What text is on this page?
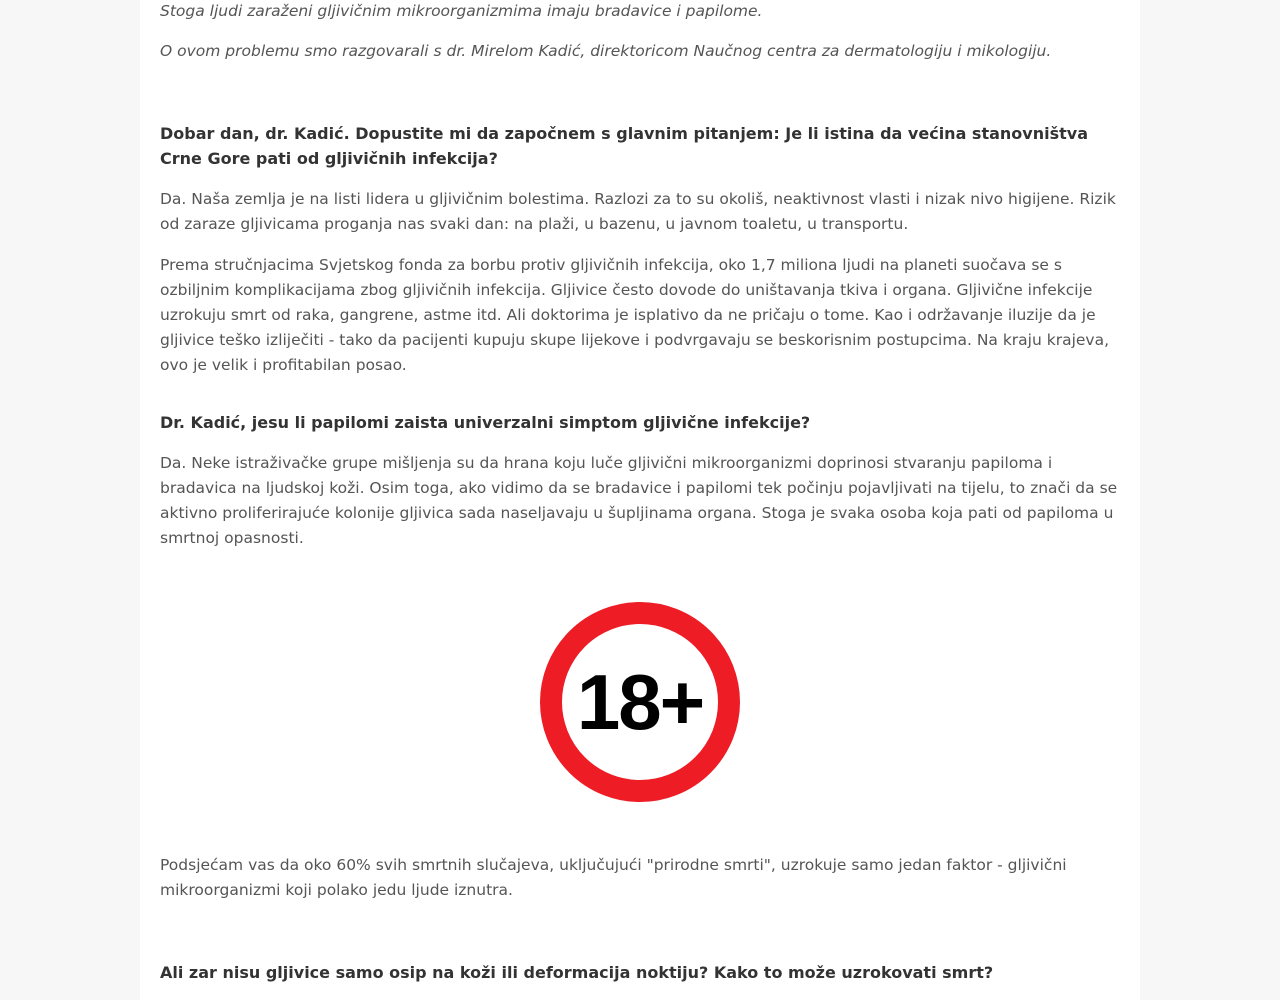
Stoga ljudi zaraženi gljivičnim mikroorganizmima imaju bradavice i papilome.

O ovom problemu smo razgovarali s dr. Mirelom Kadić, direktoricom Naučnog centra za dermatologiju i mikologiju.

Dobar dan, dr. Kadić. Dopustite mi da započnem s glavnim pitanjem: Je li istina da većina stanovništva Crne Gore pati od gljivičnih infekcija?

Da. Naša zemlja je na listi lidera u gljivičnim bolestima. Razlozi za to su okoliš, neaktivnost vlasti i nizak nivo higijene. Rizik od zaraze gljivicama proganja nas svaki dan: na plaži, u bazenu, u javnom toaletu, u transportu.

Prema stručnjacima Svjetskog fonda za borbu protiv gljivičnih infekcija, oko 1,7 miliona ljudi na planeti suočava se s ozbiljnim komplikacijama zbog gljivičnih infekcija. Gljivice često dovode do uništavanja tkiva i organa. Gljivične infekcije uzrokuju smrt od raka, gangrene, astme itd. Ali doktorima je isplativo da ne pričaju o tome. Kao i održavanje iluzije da je gljivice teško izliječiti - tako da pacijenti kupuju skupe lijekove i podvrgavaju se beskorisnim postupcima. Na kraju krajeva, ovo je velik i profitabilan posao.

Dr. Kadić, jesu li papilomi zaista univerzalni simptom gljivične infekcije?

Da. Neke istraživačke grupe mišljenja su da hrana koju luče gljivični mikroorganizmi doprinosi stvaranju papiloma i bradavica na ljudskoj koži. Osim toga, ako vidimo da se bradavice i papilomi tek počinju pojavljivati na tijelu, to znači da se aktivno proliferirajuće kolonije gljivica sada naseljavaju u šupljinama organa. Stoga je svaka osoba koja pati od papiloma u smrtnoj opasnosti.

18+

Podsjećam vas da oko 60% svih smrtnih slučajeva, uključujući "prirodne smrti", uzrokuje samo jedan faktor - gljivični mikroorganizmi koji polako jedu ljude iznutra.

Ali zar nisu gljivice samo osip na koži ili deformacija noktiju? Kako to može uzrokovati smrt?
